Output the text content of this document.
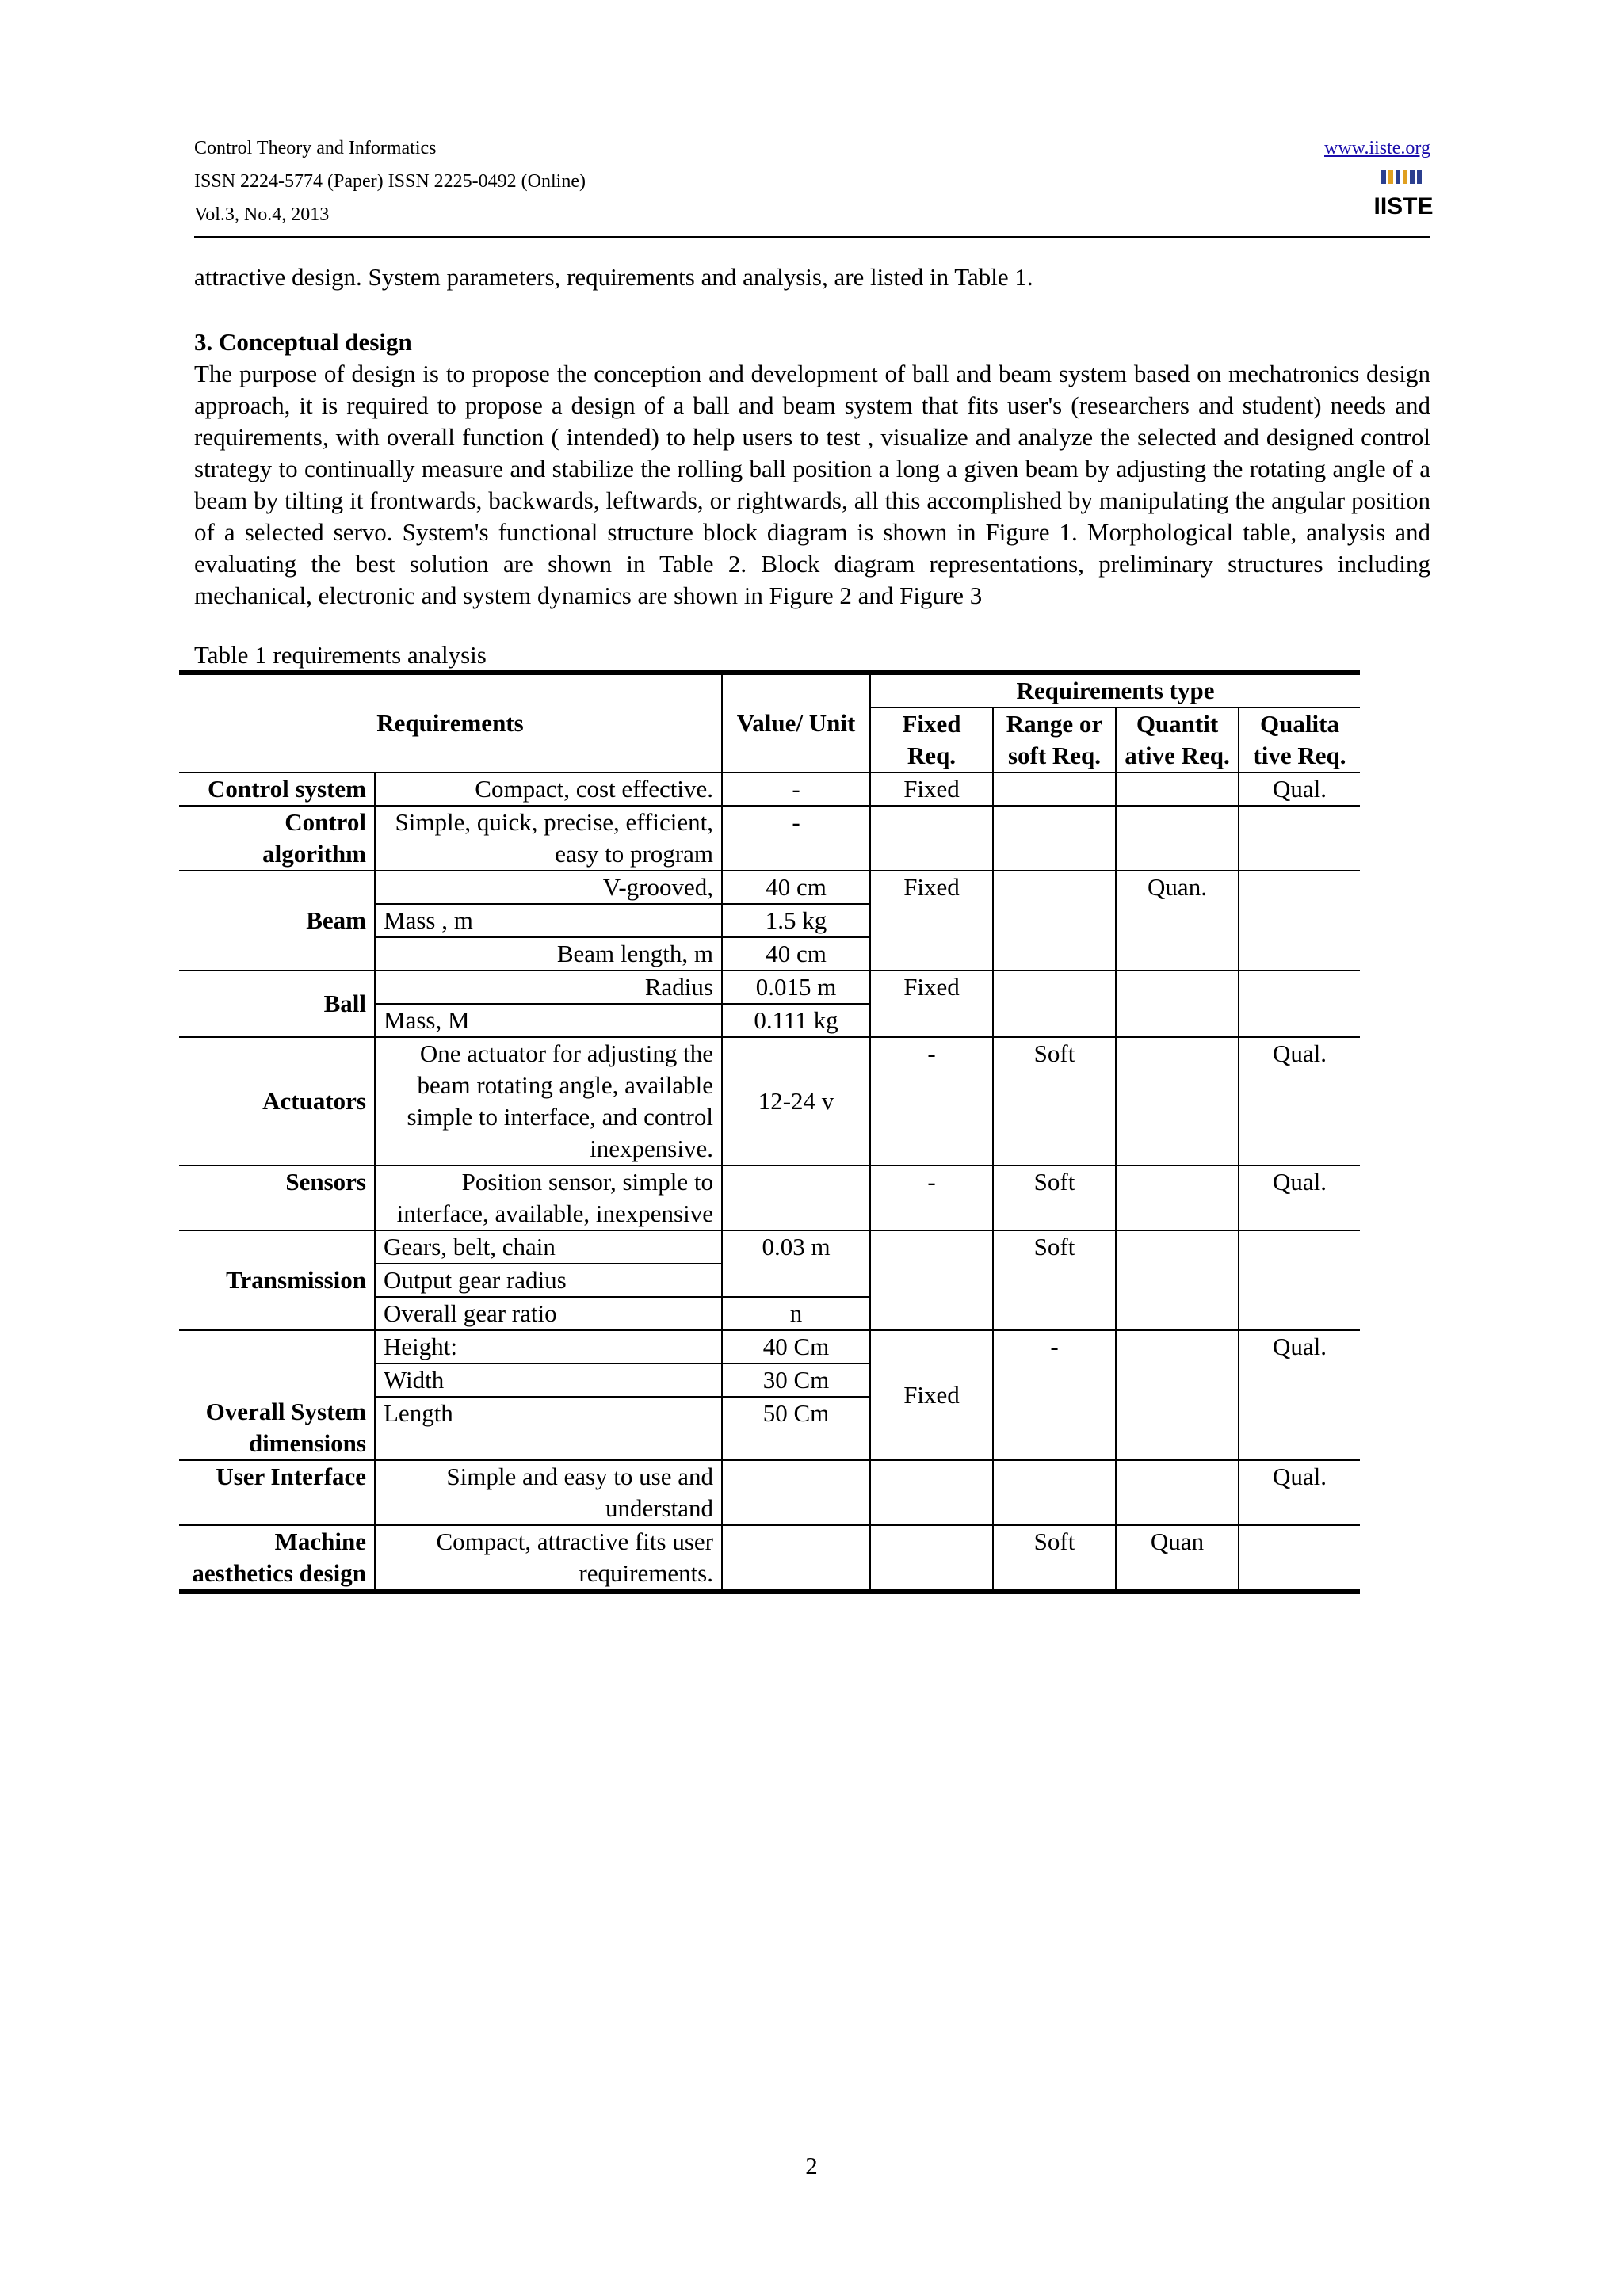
Control Theory and Informatics
ISSN 2224-5774 (Paper) ISSN 2225-0492 (Online)
Vol.3, No.4, 2013
www.iiste.org
IISTE
attractive design. System parameters, requirements and analysis, are listed in Table 1.
3. Conceptual design
The purpose of design is to propose the conception and development of ball and beam system based on mechatronics design approach, it is required to propose a design of a ball and beam system that fits user's (researchers and student) needs and requirements, with overall function ( intended) to help users to test , visualize and analyze the selected and designed control strategy to continually measure and stabilize the rolling ball position a long a given beam by adjusting the rotating angle of a beam by tilting it frontwards, backwards, leftwards, or rightwards, all this accomplished by manipulating the angular position of a selected servo. System's functional structure block diagram is shown in Figure 1. Morphological table, analysis and evaluating the best solution are shown in Table 2. Block diagram representations, preliminary structures including mechanical, electronic and system dynamics are shown in Figure 2 and Figure 3
Table 1 requirements analysis
Requirements		Value/ Unit	Requirements type			
			Fixed Req.	Range or soft Req.	Quantit ative Req.	Qualita tive Req.
Control system	Compact, cost effective.	-	Fixed			Qual.
Control algorithm	Simple, quick, precise, efficient, easy to program	-				
Beam	V-grooved,	40 cm	Fixed		Quan.	
	Mass , m	1.5 kg				
	Beam length, m	40 cm				
Ball	Radius	0.015 m	Fixed			
	Mass, M	0.111 kg				
Actuators	One actuator for adjusting the beam rotating angle, available simple to interface, and control inexpensive.	12-24 v	-	Soft		Qual.
Sensors	Position sensor, simple to interface, available, inexpensive		-	Soft		Qual.
Transmission	Gears, belt, chain	0.03 m		Soft		
	Output gear radius					
	Overall gear ratio	n				
Overall System dimensions	Height:	40 Cm	Fixed	-		Qual.
	Width	30 Cm				
	Length	50 Cm				

User Interface	Simple and easy to use and understand					Qual.
Machine aesthetics design	Compact, attractive fits user requirements.			Soft	Quan	
2
